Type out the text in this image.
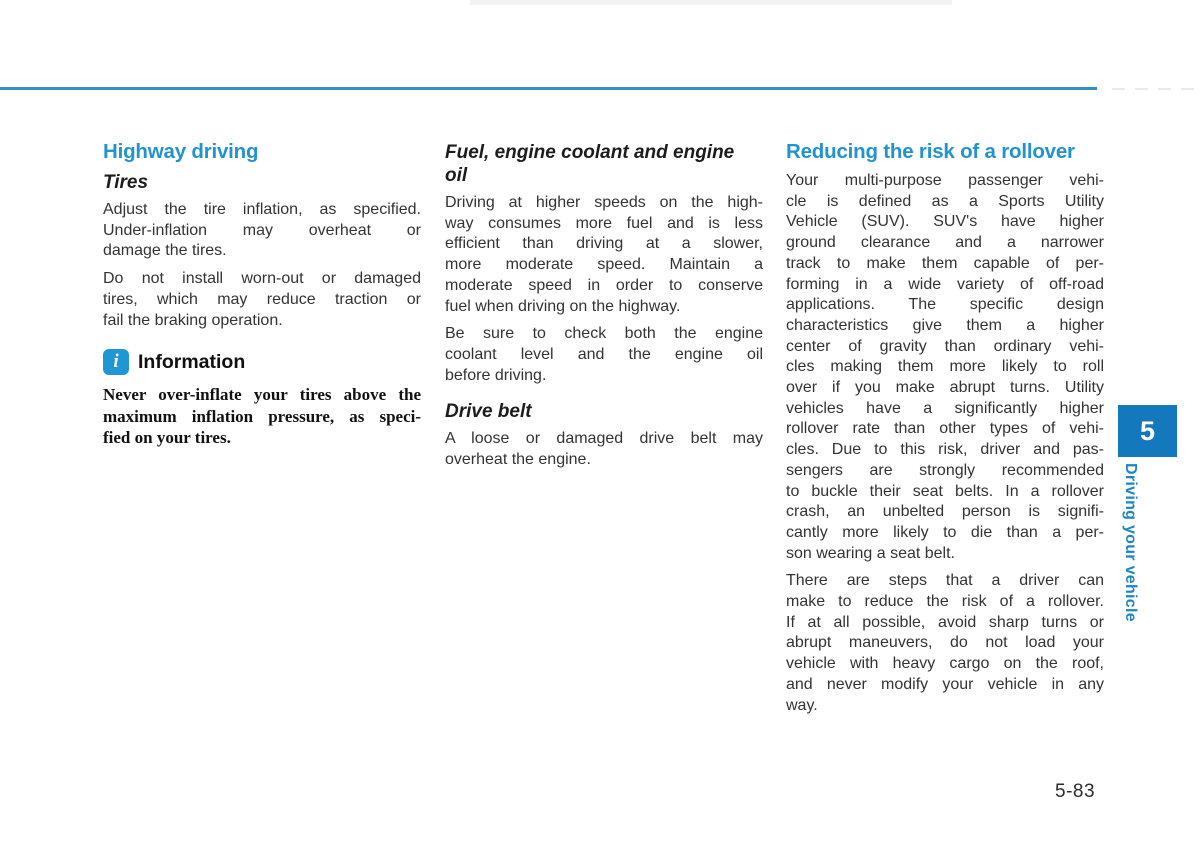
Highway driving
Tires
Adjust the tire inflation, as specified.
Under-inflation may overheat or
damage the tires.
Do not install worn-out or damaged
tires, which may reduce traction or
fail the braking operation.
i Information
Never over-inflate your tires above the
maximum inflation pressure, as speci-
fied on your tires.
Fuel, engine coolant and engine
oil
Driving at higher speeds on the high-
way consumes more fuel and is less
efficient than driving at a slower,
more moderate speed. Maintain a
moderate speed in order to conserve
fuel when driving on the highway.
Be sure to check both the engine
coolant level and the engine oil
before driving.
Drive belt
A loose or damaged drive belt may
overheat the engine.
Reducing the risk of a rollover
Your multi-purpose passenger vehi-
cle is defined as a Sports Utility
Vehicle (SUV). SUV's have higher
ground clearance and a narrower
track to make them capable of per-
forming in a wide variety of off-road
applications. The specific design
characteristics give them a higher
center of gravity than ordinary vehi-
cles making them more likely to roll
over if you make abrupt turns. Utility
vehicles have a significantly higher
rollover rate than other types of vehi-
cles. Due to this risk, driver and pas-
sengers are strongly recommended
to buckle their seat belts. In a rollover
crash, an unbelted person is signifi-
cantly more likely to die than a per-
son wearing a seat belt.
There are steps that a driver can
make to reduce the risk of a rollover.
If at all possible, avoid sharp turns or
abrupt maneuvers, do not load your
vehicle with heavy cargo on the roof,
and never modify your vehicle in any
way.
5
Driving your vehicle
5-83
